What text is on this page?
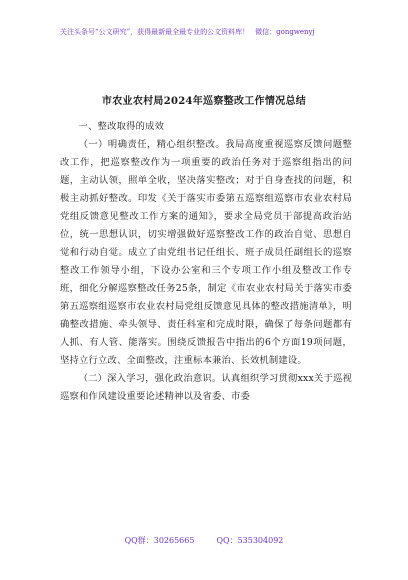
关注头条号“公文研究”，获得最新最全最专业的公文资料库！ 微信：gongwenyj
市农业农村局2024年巡察整改工作情况总结

一、整改取得的成效

（一）明确责任，精心组织整改。我局高度重视巡察反馈问题整改工作，把巡察整改作为一项重要的政治任务对于巡察组指出的问题，主动认领，照单全收，坚决落实整改；对于自身查找的问题，积极主动抓好整改。印发《关于落实市委第五巡察组巡察市农业农村局党组反馈意见整改工作方案的通知》，要求全局党员干部提高政治站位，统一思想认识，切实增强做好巡察整改工作的政治自觉、思想自觉和行动自觉。成立了由党组书记任组长、班子成员任副组长的巡察整改工作领导小组，下设办公室和三个专项工作小组及整改工作专班，细化分解巡察整改任务25条，制定《市农业农村局关于落实市委第五巡察组巡察市农业农村局党组反馈意见具体的整改措施清单》，明确整改措施、牵头领导、责任科室和完成时限，确保了每条问题都有人抓、有人管、能落实。围绕反馈报告中指出的6个方面19项问题，坚持立行立改、全面整改，注重标本兼治、长效机制建设。

（二）深入学习，强化政治意识。认真组织学习贯彻xxx关于巡视巡察和作风建设重要论述精神以及省委、市委

QQ群：30265665	QQ：535304092
